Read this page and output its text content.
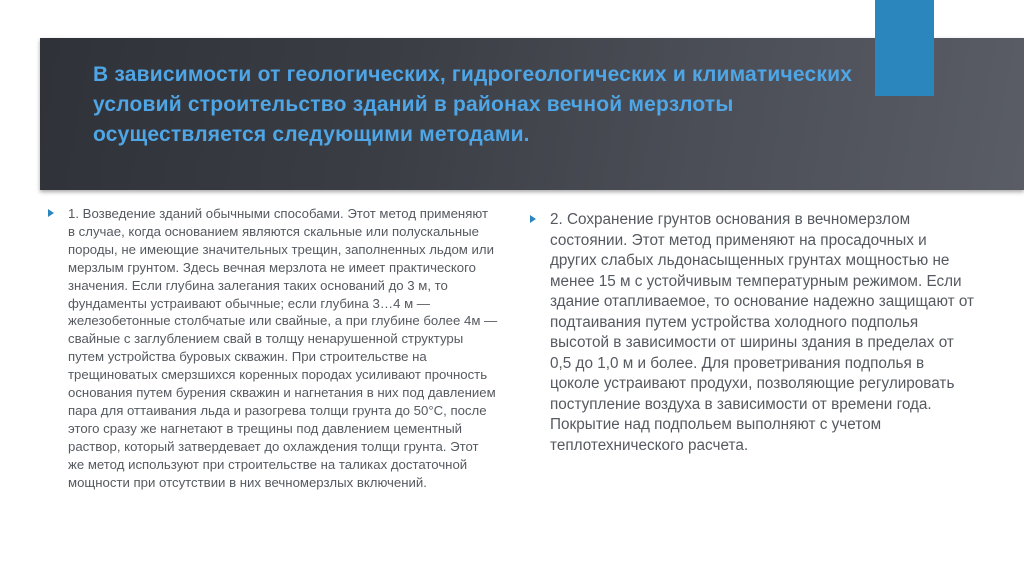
В зависимости от геологических, гидрогеологических и климатических условий строительство зданий в районах вечной мерзлоты осуществляется следующими методами.
1. Возведение зданий обычными способами. Этот метод применяют в случае, когда основанием являются скальные или полускальные породы, не имеющие значительных трещин, заполненных льдом или мерзлым грунтом. Здесь вечная мерзлота не имеет практического значения. Если глубина залегания таких оснований до 3 м, то фундаменты устраивают обычные; если глубина 3…4 м — железобетонные столбчатые или свайные, а при глубине более 4м — свайные с заглублением свай в толщу ненарушенной структуры путем устройства буровых скважин. При строительстве на трещиноватых смерзшихся коренных породах усиливают прочность основания путем бурения скважин и нагнетания в них под давлением пара для оттаивания льда и разогрева толщи грунта до 50°С, после этого сразу же нагнетают в трещины под давлением цементный раствор, который затвердевает до охлаждения толщи грунта. Этот же метод используют при строительстве на таликах достаточной мощности при отсутствии в них вечномерзлых включений.
2. Сохранение грунтов основания в вечномерзлом состоянии. Этот метод применяют на просадочных и других слабых льдонасыщенных грунтах мощностью не менее 15 м с устойчивым температурным режимом. Если здание отапливаемое, то основание надежно защищают от подтаивания путем устройства холодного подполья высотой в зависимости от ширины здания в пределах от 0,5 до 1,0 м и более. Для проветривания подполья в цоколе устраивают продухи, позволяющие регулировать поступление воздуха в зависимости от времени года. Покрытие над подпольем выполняют с учетом теплотехнического расчета.
